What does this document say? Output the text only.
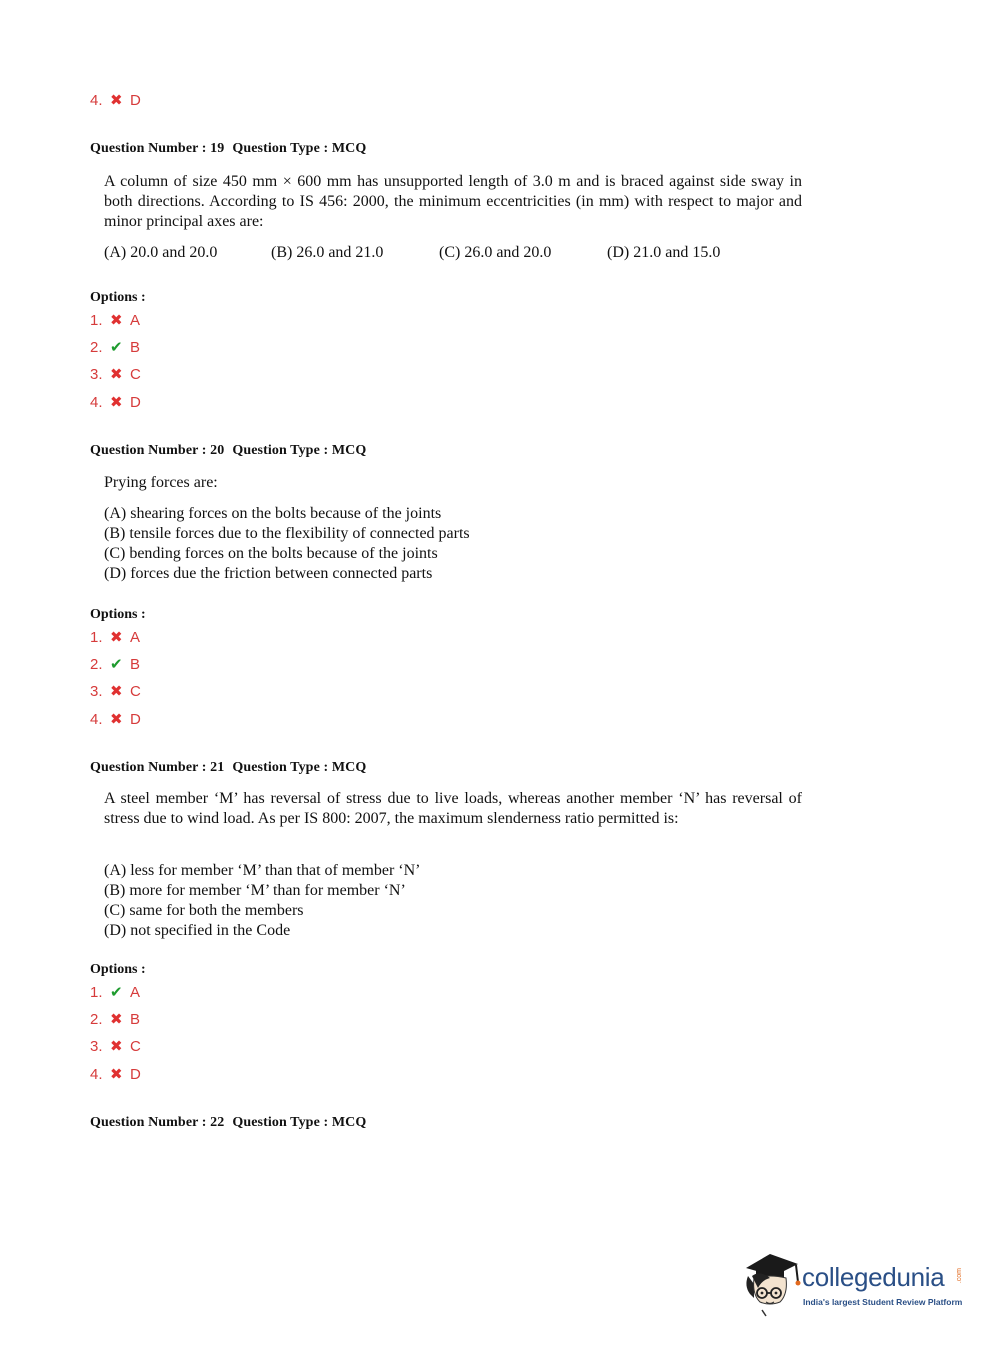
4. ✖ D
Question Number : 19 Question Type : MCQ
A column of size 450 mm × 600 mm has unsupported length of 3.0 m and is braced against side sway in both directions. According to IS 456: 2000, the minimum eccentricities (in mm) with respect to major and minor principal axes are:
(A) 20.0 and 20.0	(B) 26.0 and 21.0	(C) 26.0 and 20.0	(D) 21.0 and 15.0
Options :
1. ✖ A
2. ✔ B
3. ✖ C
4. ✖ D
Question Number : 20 Question Type : MCQ
Prying forces are:
(A) shearing forces on the bolts because of the joints
(B) tensile forces due to the flexibility of connected parts
(C) bending forces on the bolts because of the joints
(D) forces due the friction between connected parts
Options :
1. ✖ A
2. ✔ B
3. ✖ C
4. ✖ D
Question Number : 21 Question Type : MCQ
A steel member ‘M’ has reversal of stress due to live loads, whereas another member ‘N’ has reversal of stress due to wind load. As per IS 800: 2007, the maximum slenderness ratio permitted is:
(A) less for member ‘M’ than that of member ‘N’
(B) more for member ‘M’ than for member ‘N’
(C) same for both the members
(D) not specified in the Code
Options :
1. ✔ A
2. ✖ B
3. ✖ C
4. ✖ D
Question Number : 22 Question Type : MCQ
collegedunia .com
India's largest Student Review Platform
